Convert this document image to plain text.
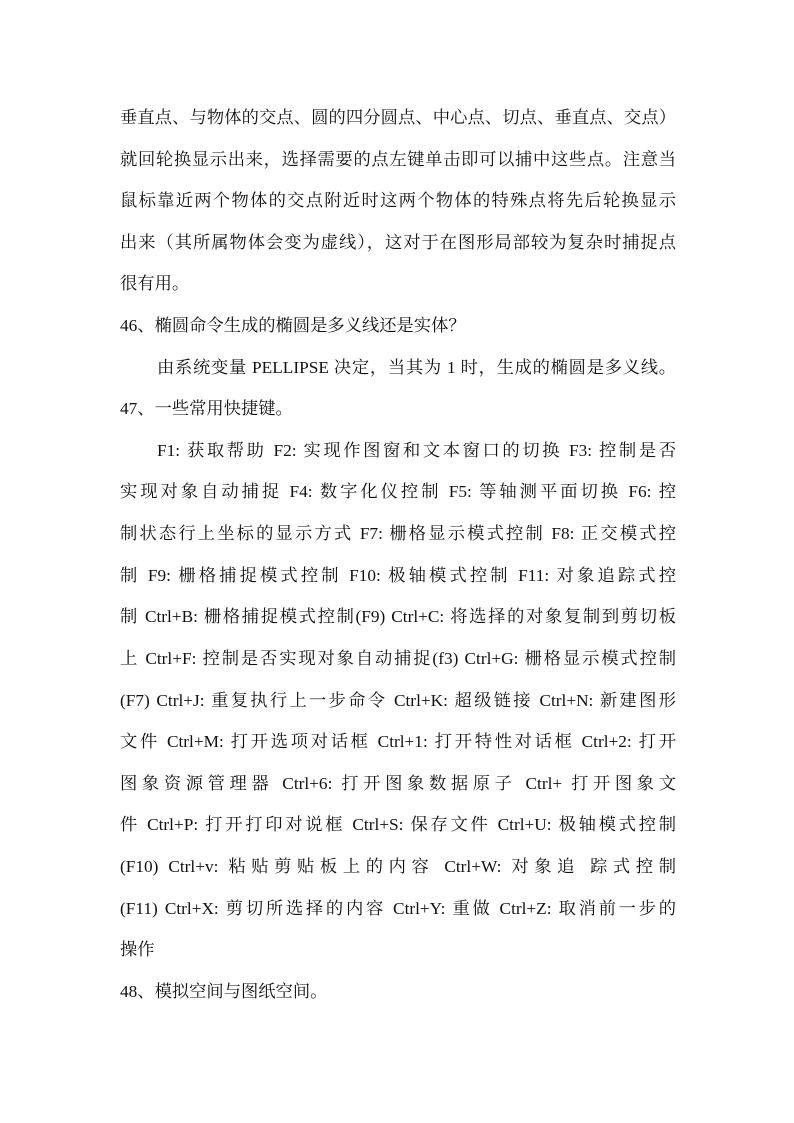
垂直点、与物体的交点、圆的四分圆点、中心点、切点、垂直点、交点）
就回轮换显示出来，选择需要的点左键单击即可以捕中这些点。注意当
鼠标靠近两个物体的交点附近时这两个物体的特殊点将先后轮换显示
出来（其所属物体会变为虚线），这对于在图形局部较为复杂时捕捉点
很有用。
46、椭圆命令生成的椭圆是多义线还是实体？
由系统变量 PELLIPSE 决定，当其为 1 时，生成的椭圆是多义线。
47、一些常用快捷键。
F1: 获取帮助 F2: 实现作图窗和文本窗口的切换 F3: 控制是否
实现对象自动捕捉 F4: 数字化仪控制 F5: 等轴测平面切换 F6: 控
制状态行上坐标的显示方式 F7: 栅格显示模式控制 F8: 正交模式控
制 F9: 栅格捕捉模式控制 F10: 极轴模式控制 F11: 对象追踪式控
制 Ctrl+B: 栅格捕捉模式控制(F9) Ctrl+C: 将选择的对象复制到剪切板
上 Ctrl+F: 控制是否实现对象自动捕捉(f3) Ctrl+G: 栅格显示模式控制
(F7) Ctrl+J: 重复执行上一步命令 Ctrl+K: 超级链接 Ctrl+N: 新建图形
文件 Ctrl+M: 打开选项对话框 Ctrl+1: 打开特性对话框 Ctrl+2: 打开
图象资源管理器 Ctrl+6: 打开图象数据原子 Ctrl+ 打开图象文
件 Ctrl+P: 打开打印对说框 Ctrl+S: 保存文件 Ctrl+U: 极轴模式控制
(F10) Ctrl+v: 粘贴剪贴板上的内容 Ctrl+W: 对象追 踪式控制
(F11) Ctrl+X: 剪切所选择的内容 Ctrl+Y: 重做 Ctrl+Z: 取消前一步的
操作
48、模拟空间与图纸空间。
